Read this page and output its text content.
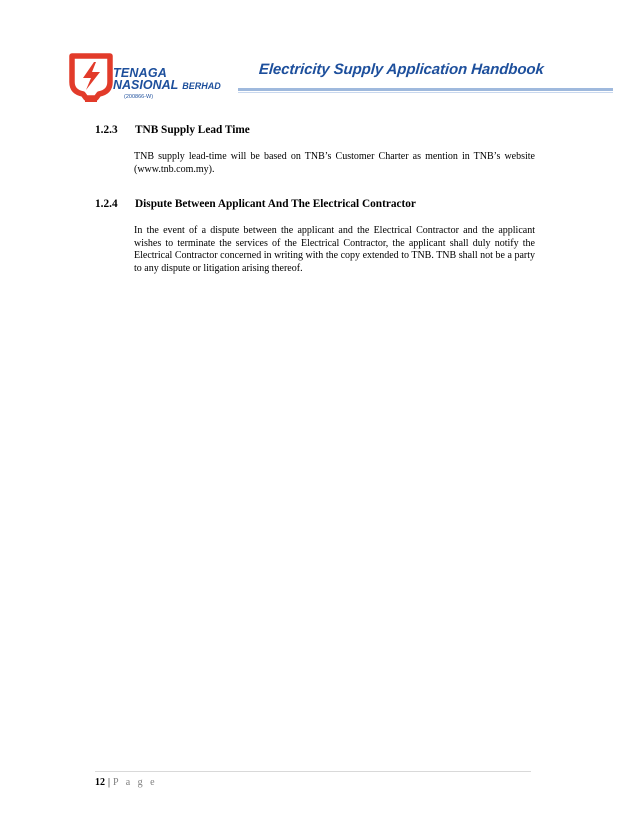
TENAGA
NASIONAL BERHAD
(200866-W)
Electricity Supply Application Handbook
1.2.3 TNB Supply Lead Time
TNB supply lead-time will be based on TNB’s Customer Charter as mention in TNB’s website (www.tnb.com.my).
1.2.4 Dispute Between Applicant And The Electrical Contractor
In the event of a dispute between the applicant and the Electrical Contractor and the applicant wishes to terminate the services of the Electrical Contractor, the applicant shall duly notify the Electrical Contractor concerned in writing with the copy extended to TNB. TNB shall not be a party to any dispute or litigation arising thereof.
12 | P a g e
